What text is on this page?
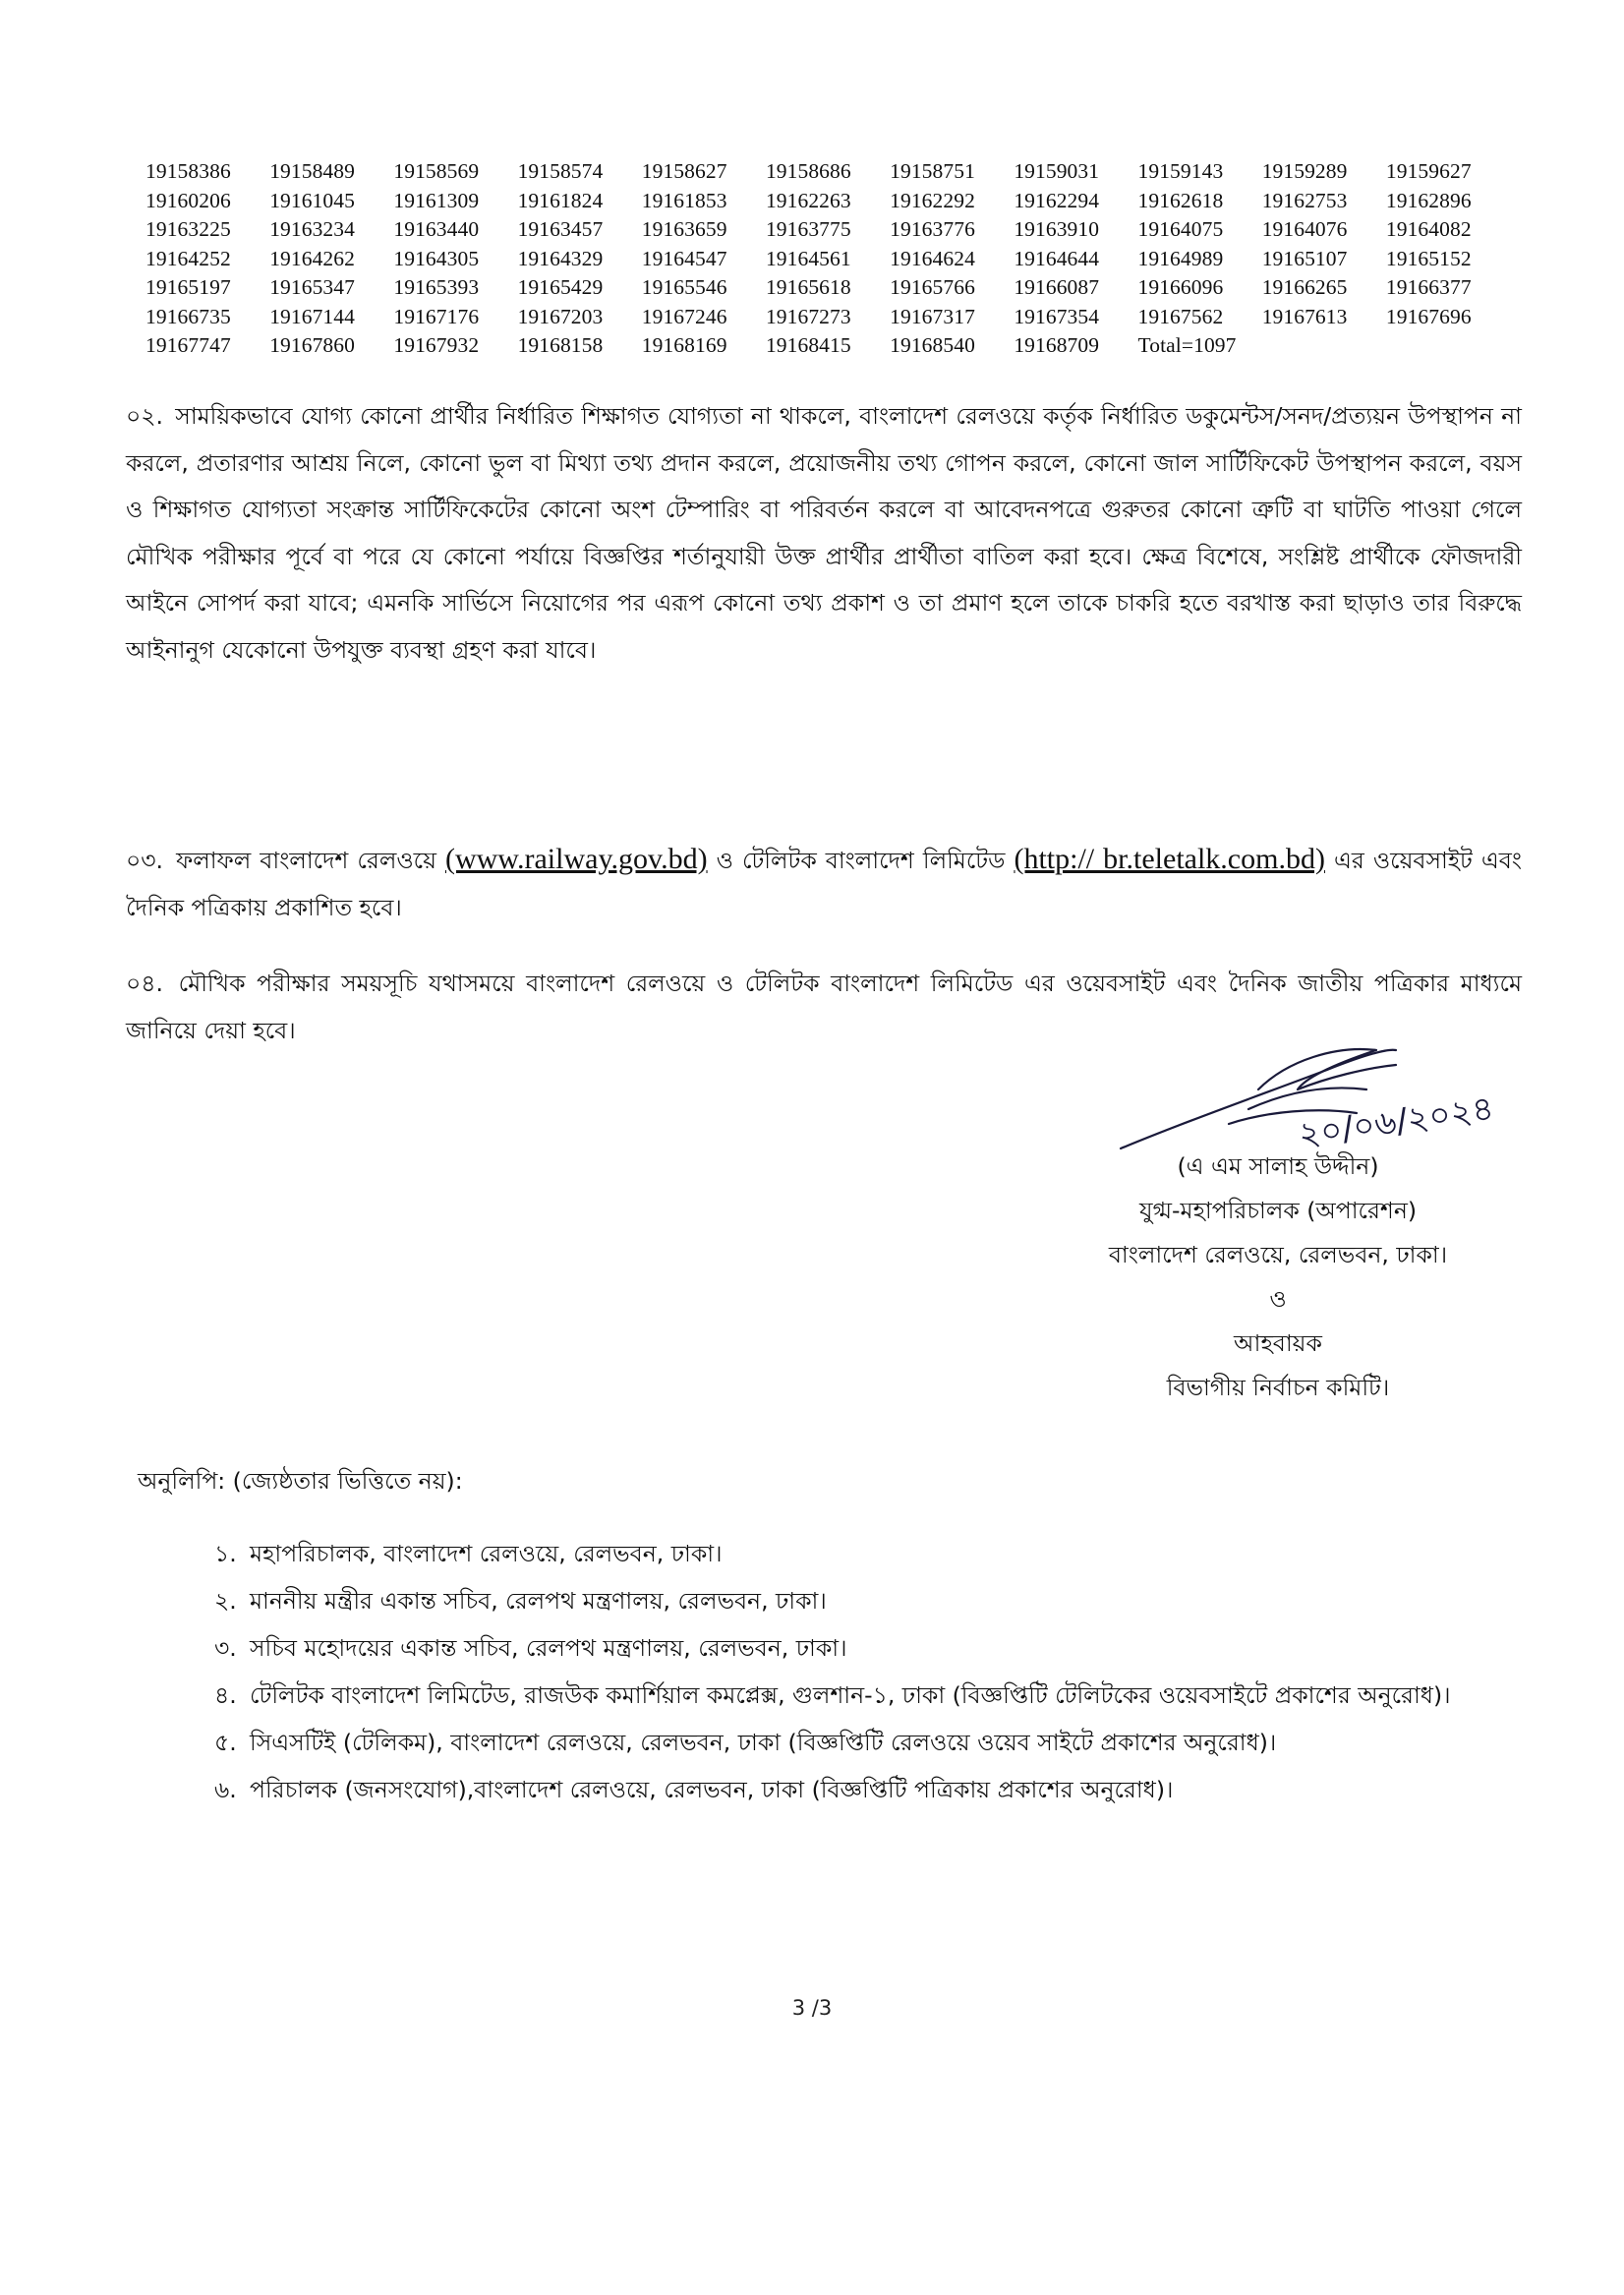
19158386	19158489	19158569	19158574	19158627	19158686	19158751	19159031	19159143	19159289	19159627
19160206	19161045	19161309	19161824	19161853	19162263	19162292	19162294	19162618	19162753	19162896
19163225	19163234	19163440	19163457	19163659	19163775	19163776	19163910	19164075	19164076	19164082
19164252	19164262	19164305	19164329	19164547	19164561	19164624	19164644	19164989	19165107	19165152
19165197	19165347	19165393	19165429	19165546	19165618	19165766	19166087	19166096	19166265	19166377
19166735	19167144	19167176	19167203	19167246	19167273	19167317	19167354	19167562	19167613	19167696
19167747	19167860	19167932	19168158	19168169	19168415	19168540	19168709	Total=1097
০২. সাময়িকভাবে যোগ্য কোনো প্রার্থীর নির্ধারিত শিক্ষাগত যোগ্যতা না থাকলে, বাংলাদেশ রেলওয়ে কর্তৃক নির্ধারিত ডকুমেন্টস/সনদ/প্রত্যয়ন উপস্থাপন না করলে, প্রতারণার আশ্রয় নিলে, কোনো ভুল বা মিথ্যা তথ্য প্রদান করলে, প্রয়োজনীয় তথ্য গোপন করলে, কোনো জাল সার্টিফিকেট উপস্থাপন করলে, বয়স ও শিক্ষাগত যোগ্যতা সংক্রান্ত সার্টিফিকেটের কোনো অংশ টেম্পারিং বা পরিবর্তন করলে বা আবেদনপত্রে গুরুতর কোনো ত্রুটি বা ঘাটতি পাওয়া গেলে মৌখিক পরীক্ষার পূর্বে বা পরে যে কোনো পর্যায়ে বিজ্ঞপ্তির শর্তানুযায়ী উক্ত প্রার্থীর প্রার্থীতা বাতিল করা হবে। ক্ষেত্র বিশেষে, সংশ্লিষ্ট প্রার্থীকে ফৌজদারী আইনে সোপর্দ করা যাবে; এমনকি সার্ভিসে নিয়োগের পর এরূপ কোনো তথ্য প্রকাশ ও তা প্রমাণ হলে তাকে চাকরি হতে বরখাস্ত করা ছাড়াও তার বিরুদ্ধে আইনানুগ যেকোনো উপযুক্ত ব্যবস্থা গ্রহণ করা যাবে।
০৩. ফলাফল বাংলাদেশ রেলওয়ে (www.railway.gov.bd) ও টেলিটক বাংলাদেশ লিমিটেড (http:// br.teletalk.com.bd) এর ওয়েবসাইট এবং দৈনিক পত্রিকায় প্রকাশিত হবে।
০৪. মৌখিক পরীক্ষার সময়সূচি যথাসময়ে বাংলাদেশ রেলওয়ে ও টেলিটক বাংলাদেশ লিমিটেড এর ওয়েবসাইট এবং দৈনিক জাতীয় পত্রিকার মাধ্যমে জানিয়ে দেয়া হবে।
২০/০৬/২০২৪
(এ এম সালাহ উদ্দীন)
যুগ্ম-মহাপরিচালক (অপারেশন)
বাংলাদেশ রেলওয়ে, রেলভবন, ঢাকা।
ও
আহবায়ক
বিভাগীয় নির্বাচন কমিটি।
অনুলিপি: (জ্যেষ্ঠতার ভিত্তিতে নয়):
১. মহাপরিচালক, বাংলাদেশ রেলওয়ে, রেলভবন, ঢাকা।
২. মাননীয় মন্ত্রীর একান্ত সচিব, রেলপথ মন্ত্রণালয়, রেলভবন, ঢাকা।
৩. সচিব মহোদয়ের একান্ত সচিব, রেলপথ মন্ত্রণালয়, রেলভবন, ঢাকা।
৪. টেলিটক বাংলাদেশ লিমিটেড, রাজউক কমার্শিয়াল কমপ্লেক্স, গুলশান-১, ঢাকা (বিজ্ঞপ্তিটি টেলিটকের ওয়েবসাইটে প্রকাশের অনুরোধ)।
৫. সিএসটিই (টেলিকম), বাংলাদেশ রেলওয়ে, রেলভবন, ঢাকা (বিজ্ঞপ্তিটি রেলওয়ে ওয়েব সাইটে প্রকাশের অনুরোধ)।
৬. পরিচালক (জনসংযোগ),বাংলাদেশ রেলওয়ে, রেলভবন, ঢাকা (বিজ্ঞপ্তিটি পত্রিকায় প্রকাশের অনুরোধ)।
3 /3
